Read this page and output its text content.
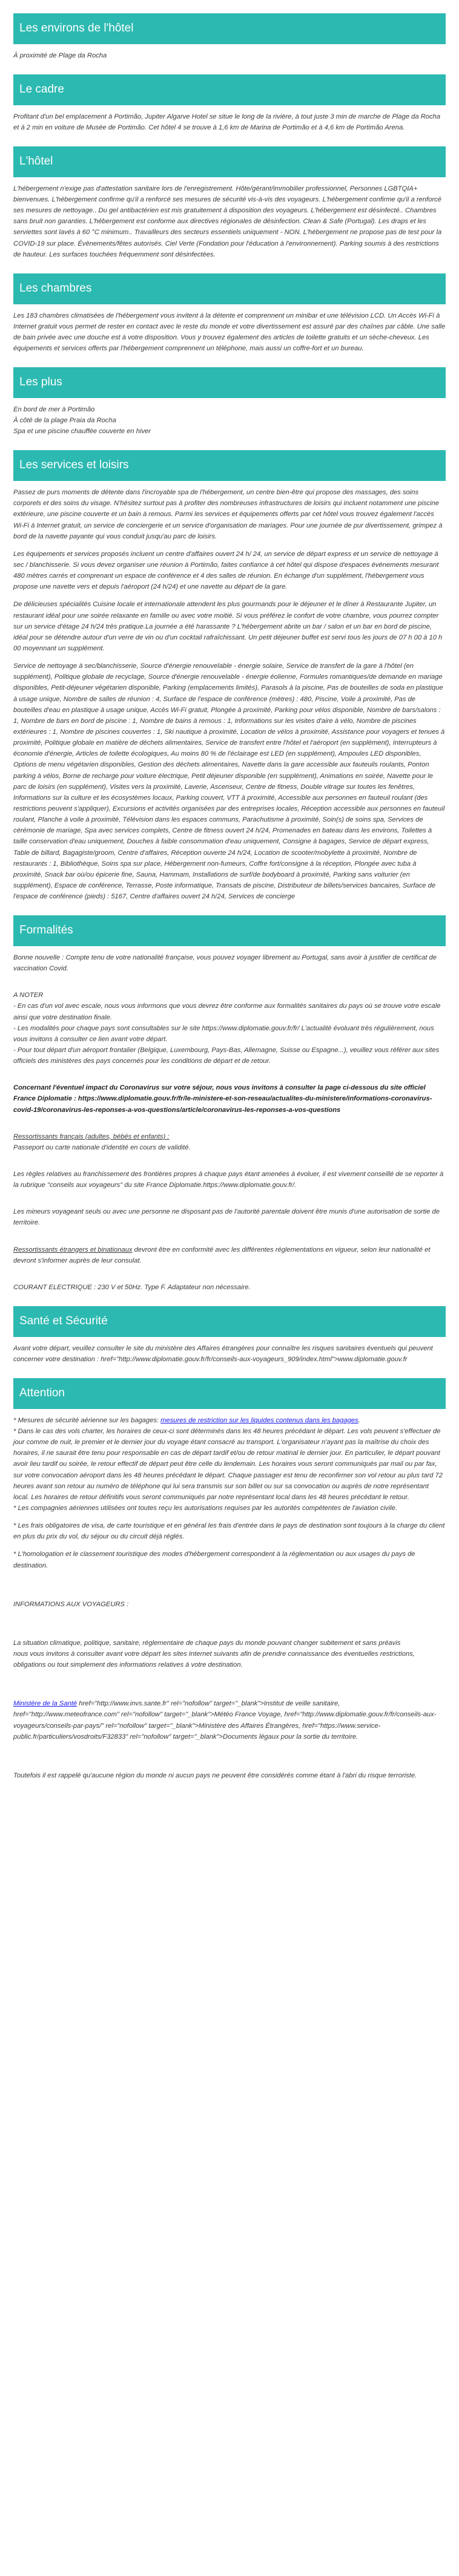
Les environs de l'hôtel

À proximité de Plage da Rocha

Le cadre

Profitant d'un bel emplacement à Portimão, Jupiter Algarve Hotel se situe le long de la rivière, à tout juste 3 min de marche de Plage da Rocha et à 2 min en voiture de Musée de Portimão. Cet hôtel 4 se trouve à 1,6 km de Marina de Portimão et à 4,6 km de Portimão Arena.

L'hôtel

L'hébergement n'exige pas d'attestation sanitaire lors de l'enregistrement. Hôte/gérant/immobilier professionnel, Personnes LGBTQIA+ bienvenues. L'hébergement confirme qu'il a renforcé ses mesures de sécurité vis-à-vis des voyageurs. L'hébergement confirme qu'il a renforcé ses mesures de nettoyage.. Du gel antibactérien est mis gratuitement à disposition des voyageurs. L'hébergement est désinfecté.. Chambres sans bruit non garanties. L'hébergement est conforme aux directives régionales de désinfection. Clean & Safe (Portugal). Les draps et les serviettes sont lavés à 60 °C minimum.. Travailleurs des secteurs essentiels uniquement - NON. L'hébergement ne propose pas de test pour la COVID-19 sur place. Évènements/fêtes autorisés. Ciel Verte (Fondation pour l'éducation à l'environnement). Parking soumis à des restrictions de hauteur. Les surfaces touchées fréquemment sont désinfectées.

Les chambres

Les 183 chambres climatisées de l'hébergement vous invitent à la détente et comprennent un minibar et une télévision LCD. Un Accès Wi-Fi à Internet gratuit vous permet de rester en contact avec le reste du monde et votre divertissement est assuré par des chaînes par câble. Une salle de bain privée avec une douche est à votre disposition. Vous y trouvez également des articles de toilette gratuits et un sèche-cheveux. Les équipements et services offerts par l'hébergement comprennent un téléphone, mais aussi un coffre-fort et un bureau.

Les plus

En bord de mer à Portimão

À côté de la plage Praia da Rocha

Spa et une piscine chauffée couverte en hiver

Les services et loisirs

Passez de purs moments de détente dans l'incroyable spa de l'hébergement, un centre bien-être qui propose des massages, des soins corporels et des soins du visage. N'hésitez surtout pas à profiter des nombreuses infrastructures de loisirs qui incluent notamment une piscine extérieure, une piscine couverte et un bain à remous. Parmi les services et équipements offerts par cet hôtel vous trouvez également l'accès Wi-Fi à Internet gratuit, un service de conciergerie et un service d'organisation de mariages. Pour une journée de pur divertissement, grimpez à bord de la navette payante qui vous conduit jusqu'au parc de loisirs.

Les équipements et services proposés incluent un centre d'affaires ouvert 24 h/ 24, un service de départ express et un service de nettoyage à sec / blanchisserie. Si vous devez organiser une réunion à Portimão, faites confiance à cet hôtel qui dispose d'espaces événements mesurant 480 mètres carrés et comprenant un espace de conférence et 4 des salles de réunion. En échange d'un supplément, l'hébergement vous propose une navette vers et depuis l'aéroport (24 h/24) et une navette au départ de la gare.

De délicieuses spécialités Cuisine locale et internationale attendent les plus gourmands pour le déjeuner et le dîner à Restaurante Jupiter, un restaurant idéal pour une soirée relaxante en famille ou avec votre moitié. Si vous préférez le confort de votre chambre, vous pourrez compter sur un service d'étage 24 h/24 très pratique.La journée a été harassante ? L'hébergement abrite un bar / salon et un bar en bord de piscine, idéal pour se détendre autour d'un verre de vin ou d'un cocktail rafraîchissant. Un petit déjeuner buffet est servi tous les jours de 07 h 00 à 10 h 00 moyennant un supplément.

Service de nettoyage à sec/blanchisserie, Source d'énergie renouvelable - énergie solaire, Service de transfert de la gare à l'hôtel (en supplément), Politique globale de recyclage, Source d'énergie renouvelable - énergie éolienne, Formules romantiques/de demande en mariage disponibles, Petit-déjeuner végétarien disponible, Parking (emplacements limités), Parasols à la piscine, Pas de bouteilles de soda en plastique à usage unique, Nombre de salles de réunion : 4, Surface de l'espace de conférence (mètres) : 480, Piscine, Voile à proximité, Pas de bouteilles d'eau en plastique à usage unique, Accès Wi-Fi gratuit, Plongée à proximité, Parking pour vélos disponible, Nombre de bars/salons : 1, Nombre de bars en bord de piscine : 1, Nombre de bains à remous : 1, Informations sur les visites d'aire à vélo, Nombre de piscines extérieures : 1, Nombre de piscines couvertes : 1, Ski nautique à proximité, Location de vélos à proximité, Assistance pour voyagers et tenues à proximité, Politique globale en matière de déchets alimentaires, Service de transfert entre l'hôtel et l'aéroport (en supplément), Interrupteurs à économie d'énergie, Articles de toilette écologiques, Au moins 80 % de l'éclairage est LED (en supplément), Ampoules LED disponibles, Options de menu végétarien disponibles, Gestion des déchets alimentaires, Navette dans la gare accessible aux fauteuils roulants, Ponton parking à vélos, Borne de recharge pour voiture électrique, Petit déjeuner disponible (en supplément), Animations en soirée, Navette pour le parc de loisirs (en supplément), Visites vers la proximité, Laverie, Ascenseur, Centre de fitness, Double vitrage sur toutes les fenêtres, Informations sur la culture et les écosystèmes locaux, Parking couvert, VTT à proximité, Accessible aux personnes en fauteuil roulant (des restrictions peuvent s'appliquer), Excursions et activités organisées par des entreprises locales, Réception accessible aux personnes en fauteuil roulant, Planche à voile à proximité, Télévision dans les espaces communs, Parachutisme à proximité, Soin(s) de soins spa, Services de cérémonie de mariage, Spa avec services complets, Centre de fitness ouvert 24 h/24, Promenades en bateau dans les environs, Toilettes à taille conservation d'eau uniquement, Douches à faible consommation d'eau uniquement, Consigne à bagages, Service de départ express, Table de billard, Bagagiste/groom, Centre d'affaires, Réception ouverte 24 h/24, Location de scooter/mobylette à proximité, Nombre de restaurants : 1, Bibliothèque, Soins spa sur place, Hébergement non-fumeurs, Coffre fort/consigne à la réception, Plongée avec tuba à proximité, Snack bar où/ou épicerie fine, Sauna, Hammam, Installations de surf/de bodyboard à proximité, Parking sans voiturier (en supplément), Espace de conférence, Terrasse, Poste informatique, Transats de piscine, Distributeur de billets/services bancaires, Surface de l'espace de conférence (pieds) : 5167, Centre d'affaires ouvert 24 h/24, Services de concierge

Formalités

Bonne nouvelle : Compte tenu de votre nationalité française, vous pouvez voyager librement au Portugal, sans avoir à justifier de certificat de vaccination Covid.

A NOTER

- En cas d'un vol avec escale, nous vous informons que vous devrez être conforme aux formalités sanitaires du pays où se trouve votre escale ainsi que votre destination finale.

- Les modalités pour chaque pays sont consultables sur le site https://www.diplomatie.gouv.fr/fr/ L'actualité évoluant très régulièrement, nous vous invitons à consulter ce lien avant votre départ.

- Pour tout départ d'un aéroport frontalier (Belgique, Luxembourg, Pays-Bas, Allemagne, Suisse ou Espagne...), veuillez vous référer aux sites officiels des ministères des pays concernés pour les conditions de départ et de retour.

Concernant l'éventuel impact du Coronavirus sur votre séjour, nous vous invitons à consulter la page ci-dessous du site officiel France Diplomatie : https://www.diplomatie.gouv.fr/fr/le-ministere-et-son-reseau/actualites-du-ministere/informations-coronavirus-covid-19/coronavirus-les-reponses-a-vos-questions/article/coronavirus-les-reponses-a-vos-questions

Ressortissants français (adultes, bébés et enfants) :

Passeport ou carte nationale d'identité en cours de validité.

Les règles relatives au franchissement des frontières propres à chaque pays étant amenées à évoluer, il est vivement conseillé de se reporter à la rubrique "conseils aux voyageurs" du site France Diplomatie.https://www.diplomatie.gouv.fr/.

Les mineurs voyageant seuls ou avec une personne ne disposant pas de l'autorité parentale doivent être munis d'une autorisation de sortie de territoire.

Ressortissants étrangers et binationaux devront être en conformité avec les différentes réglementations en vigueur, selon leur nationalité et devront s'informer auprès de leur consulat.

COURANT ELECTRIQUE : 230 V et 50Hz. Type F. Adaptateur non nécessaire.

Santé et Sécurité

Avant votre départ, veuillez consulter le site du ministère des Affaires étrangères pour connaître les risques sanitaires éventuels qui peuvent concerner votre destination : href="http://www.diplomatie.gouv.fr/fr/conseils-aux-voyageurs_909/index.html">www.diplomatie.gouv.fr

Attention

* Mesures de sécurité aérienne sur les bagages: mesures de restriction sur les liquides contenus dans les bagages.

* Dans le cas des vols charter, les horaires de ceux-ci sont déterminés dans les 48 heures précédant le départ. Les vols peuvent s'effectuer de jour comme de nuit, le premier et le dernier jour du voyage étant consacré au transport. L'organisateur n'ayant pas la maîtrise du choix des horaires, il ne saurait être tenu pour responsable en cas de départ tardif et/ou de retour matinal le dernier jour. En particulier, le départ pouvant avoir lieu tardif ou soirée, le retour effectif de départ peut être celle du lendemain. Les horaires vous seront communiqués par mail ou par fax, sur votre convocation aéroport dans les 48 heures précédant le départ. Chaque passager est tenu de reconfirmer son vol retour au plus tard 72 heures avant son retour au numéro de téléphone qui lui sera transmis sur son billet ou sur sa convocation ou auprès de notre représentant local. Les horaires de retour définitifs vous seront communiqués par notre représentant local dans les 48 heures précédant le retour.

* Les compagnies aériennes utilisées ont toutes reçu les autorisations requises par les autorités compétentes de l'aviation civile.

* Les frais obligatoires de visa, de carte touristique et en général les frais d'entrée dans le pays de destination sont toujours à la charge du client en plus du prix du vol, du séjour ou du circuit déjà réglés.

* L'homologation et le classement touristique des modes d'hébergement correspondent à la réglementation ou aux usages du pays de destination.

INFORMATIONS AUX VOYAGEURS :

La situation climatique, politique, sanitaire, réglementaire de chaque pays du monde pouvant changer subitement et sans préavis

nous vous invitons à consulter avant votre départ les sites Internet suivants afin de prendre connaissance des éventuelles restrictions, obligations ou tout simplement des informations relatives à votre destination.

Ministère de la Santé href="http://www.invs.sante.fr" rel="nofollow" target="_blank">Institut de veille sanitaire, href="http://www.meteofrance.com" rel="nofollow" target="_blank">Météo France Voyage, href="http://www.diplomatie.gouv.fr/fr/conseils-aux-voyageurs/conseils-par-pays/" rel="nofollow" target="_blank">Ministère des Affaires Étrangères, href="https://www.service-public.fr/particuliers/vosdroits/F32833" rel="nofollow" target="_blank">Documents légaux pour la sortie du territoire.

Toutefois il est rappelé qu'aucune région du monde ni aucun pays ne peuvent être considérés comme étant à l'abri du risque terroriste.
